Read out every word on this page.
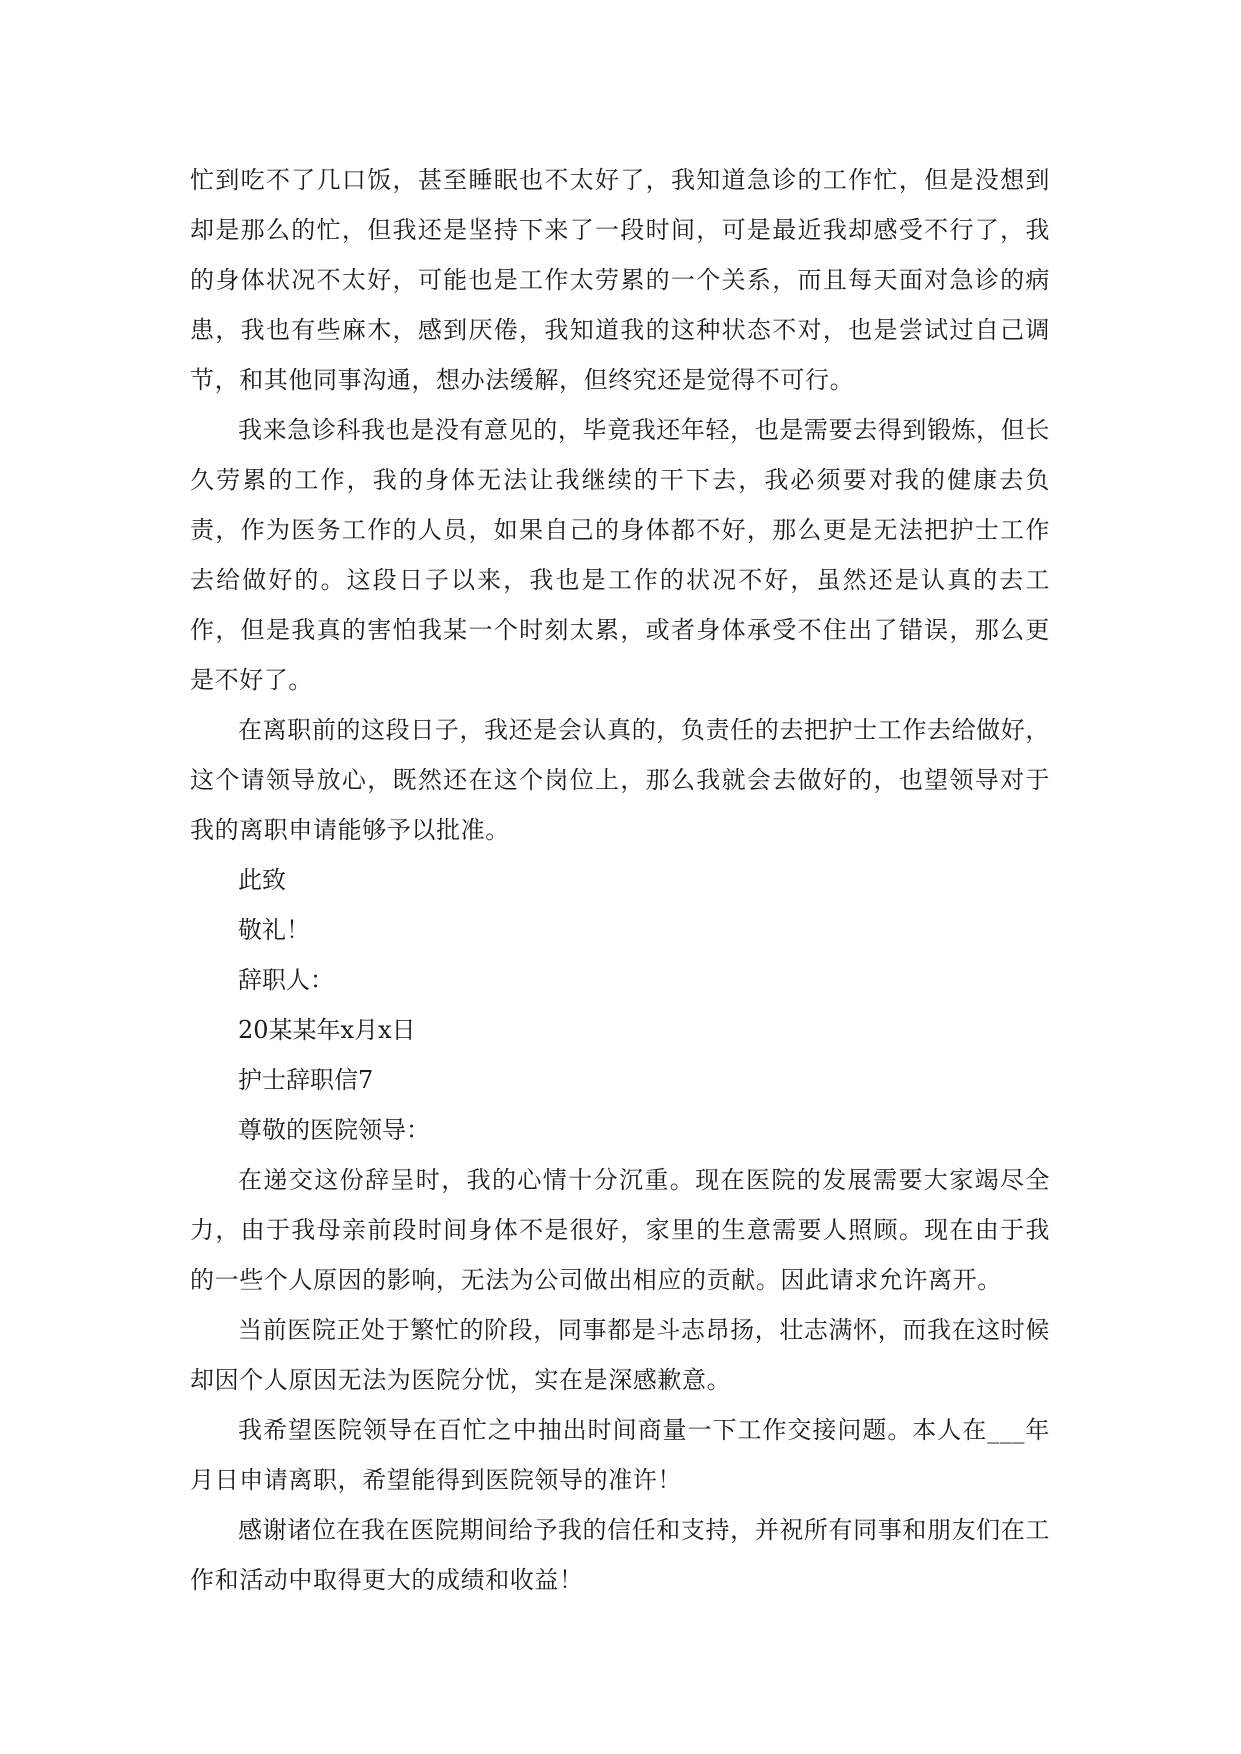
忙到吃不了几口饭，甚至睡眠也不太好了，我知道急诊的工作忙，但是没想到却是那么的忙，但我还是坚持下来了一段时间，可是最近我却感受不行了，我的身体状况不太好，可能也是工作太劳累的一个关系，而且每天面对急诊的病患，我也有些麻木，感到厌倦，我知道我的这种状态不对，也是尝试过自己调节，和其他同事沟通，想办法缓解，但终究还是觉得不可行。

我来急诊科我也是没有意见的，毕竟我还年轻，也是需要去得到锻炼，但长久劳累的工作，我的身体无法让我继续的干下去，我必须要对我的健康去负责，作为医务工作的人员，如果自己的身体都不好，那么更是无法把护士工作去给做好的。这段日子以来，我也是工作的状况不好，虽然还是认真的去工作，但是我真的害怕我某一个时刻太累，或者身体承受不住出了错误，那么更是不好了。

在离职前的这段日子，我还是会认真的，负责任的去把护士工作去给做好，这个请领导放心，既然还在这个岗位上，那么我就会去做好的，也望领导对于我的离职申请能够予以批准。

此致

敬礼！

辞职人：

20某某年x月x日

护士辞职信7

尊敬的医院领导：

在递交这份辞呈时，我的心情十分沉重。现在医院的发展需要大家竭尽全力，由于我母亲前段时间身体不是很好，家里的生意需要人照顾。现在由于我的一些个人原因的影响，无法为公司做出相应的贡献。因此请求允许离开。

当前医院正处于繁忙的阶段，同事都是斗志昂扬，壮志满怀，而我在这时候却因个人原因无法为医院分忧，实在是深感歉意。

我希望医院领导在百忙之中抽出时间商量一下工作交接问题。本人在___年月日申请离职，希望能得到医院领导的准许！

感谢诸位在我在医院期间给予我的信任和支持，并祝所有同事和朋友们在工作和活动中取得更大的成绩和收益！
